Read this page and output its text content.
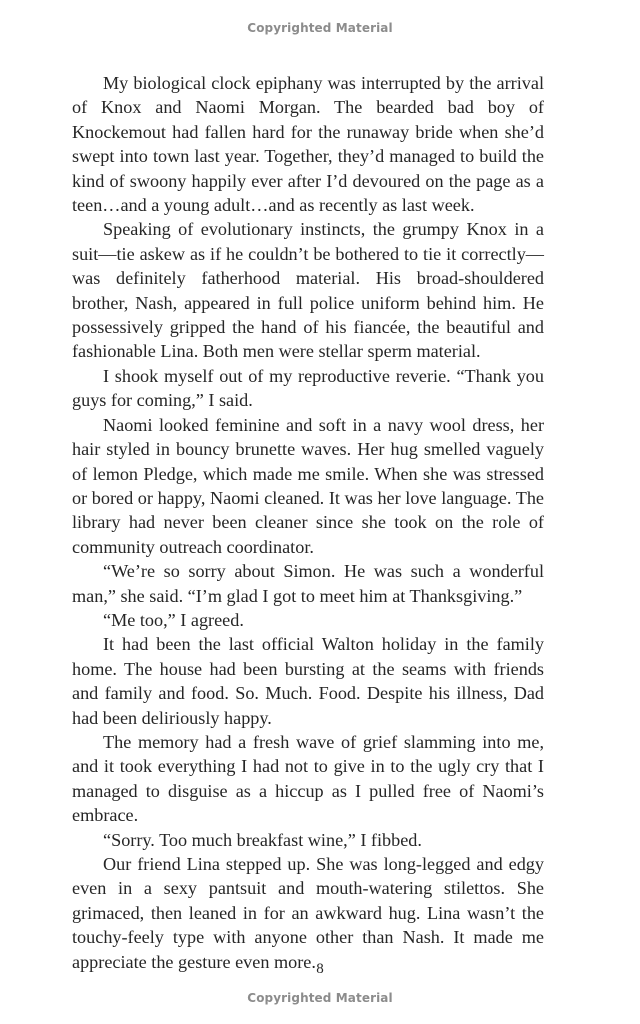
Copyrighted Material

My biological clock epiphany was interrupted by the arrival of Knox and Naomi Morgan. The bearded bad boy of Knockemout had fallen hard for the runaway bride when she’d swept into town last year. Together, they’d managed to build the kind of swoony happily ever after I’d devoured on the page as a teen…and a young adult…and as recently as last week.

Speaking of evolutionary instincts, the grumpy Knox in a suit—tie askew as if he couldn’t be bothered to tie it correctly—was definitely fatherhood material. His broad-shouldered brother, Nash, appeared in full police uniform behind him. He possessively gripped the hand of his fiancée, the beautiful and fashionable Lina. Both men were stellar sperm material.

I shook myself out of my reproductive reverie. “Thank you guys for coming,” I said.

Naomi looked feminine and soft in a navy wool dress, her hair styled in bouncy brunette waves. Her hug smelled vaguely of lemon Pledge, which made me smile. When she was stressed or bored or happy, Naomi cleaned. It was her love language. The library had never been cleaner since she took on the role of community outreach coordinator.

“We’re so sorry about Simon. He was such a wonderful man,” she said. “I’m glad I got to meet him at Thanksgiving.”

“Me too,” I agreed.

It had been the last official Walton holiday in the family home. The house had been bursting at the seams with friends and family and food. So. Much. Food. Despite his illness, Dad had been deliriously happy.

The memory had a fresh wave of grief slamming into me, and it took everything I had not to give in to the ugly cry that I managed to disguise as a hiccup as I pulled free of Naomi’s embrace.

“Sorry. Too much breakfast wine,” I fibbed.

Our friend Lina stepped up. She was long-legged and edgy even in a sexy pantsuit and mouth-watering stilettos. She grimaced, then leaned in for an awkward hug. Lina wasn’t the touchy-feely type with anyone other than Nash. It made me appreciate the gesture even more. 8
Copyrighted Material
